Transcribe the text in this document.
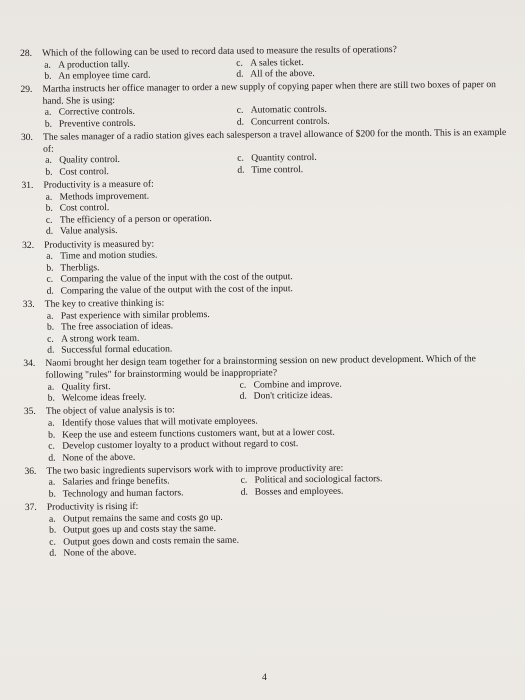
28.	Which of the following can be used to record data used to measure the results of operations?
a. A production tally.	c. A sales ticket.
b. An employee time card.	d. All of the above.
29.	Martha instructs her office manager to order a new supply of copying paper when there are still two boxes of paper on hand. She is using:
a. Corrective controls.	c. Automatic controls.
b. Preventive controls.	d. Concurrent controls.
30.	The sales manager of a radio station gives each salesperson a travel allowance of $200 for the month. This is an example of:
a. Quality control.	c. Quantity control.
b. Cost control.	d. Time control.
31.	Productivity is a measure of:
a. Methods improvement.
b. Cost control.
c. The efficiency of a person or operation.
d. Value analysis.
32.	Productivity is measured by:
a. Time and motion studies.
b. Therbligs.
c. Comparing the value of the input with the cost of the output.
d. Comparing the value of the output with the cost of the input.
33.	The key to creative thinking is:
a. Past experience with similar problems.
b. The free association of ideas.
c. A strong work team.
d. Successful formal education.
34.	Naomi brought her design team together for a brainstorming session on new product development. Which of the following "rules" for brainstorming would be inappropriate?
a. Quality first.	c. Combine and improve.
b. Welcome ideas freely.	d. Don't criticize ideas.
35.	The object of value analysis is to:
a. Identify those values that will motivate employees.
b. Keep the use and esteem functions customers want, but at a lower cost.
c. Develop customer loyalty to a product without regard to cost.
d. None of the above.
36.	The two basic ingredients supervisors work with to improve productivity are:
a. Salaries and fringe benefits.	c. Political and sociological factors.
b. Technology and human factors.	d. Bosses and employees.
37.	Productivity is rising if:
a. Output remains the same and costs go up.
b. Output goes up and costs stay the same.
c. Output goes down and costs remain the same.
d. None of the above.
4
